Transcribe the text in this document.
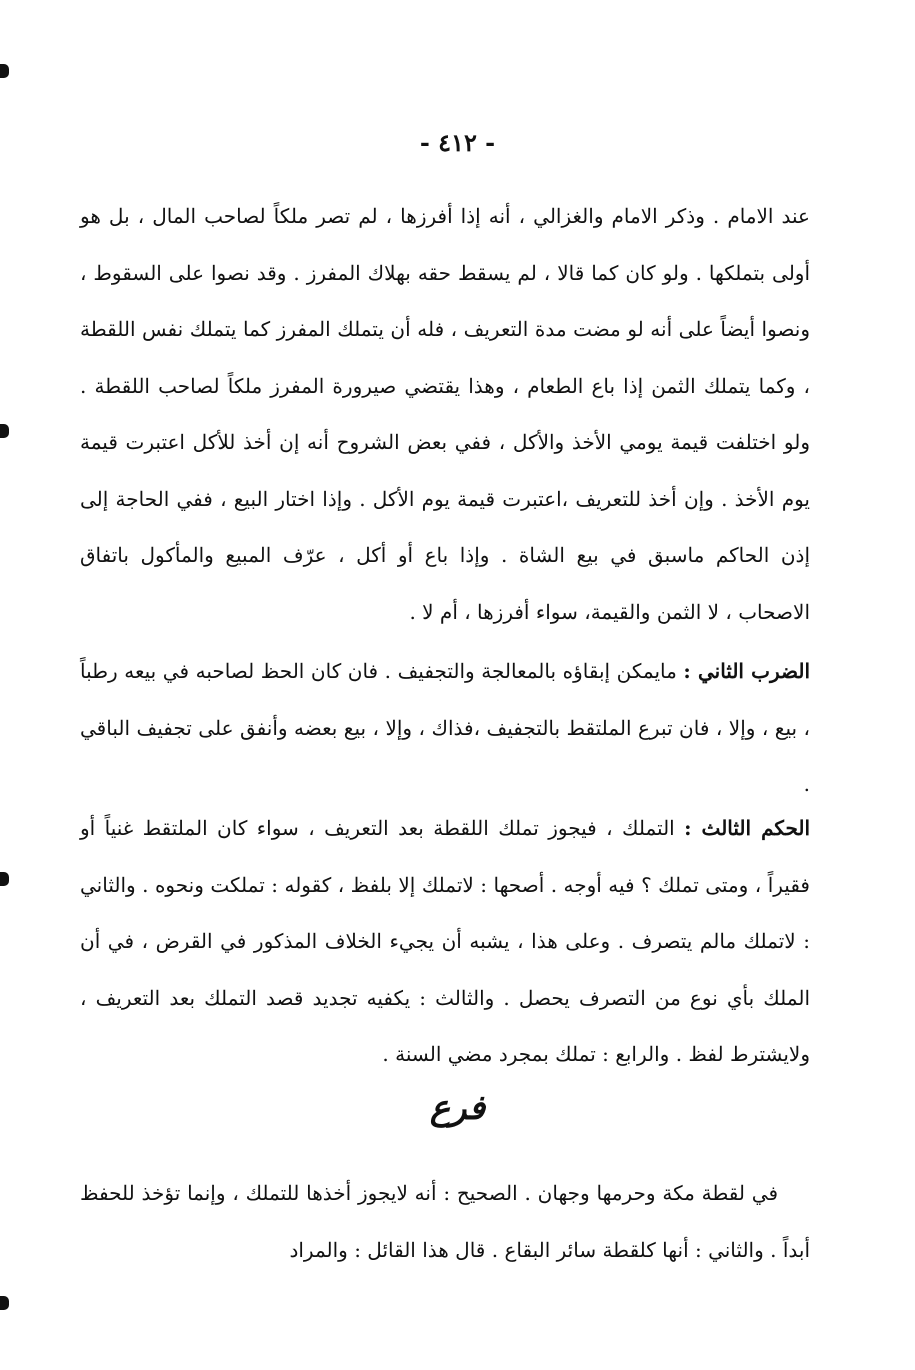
- ٤١٢ -
عند الامام . وذكر الامام والغزالي ، أنه إذا أفرزها ، لم تصر ملكاً لصاحب المال ، بل هو أولى بتملكها . ولو كان كما قالا ، لم يسقط حقه بهلاك المفرز . وقد نصوا على السقوط ، ونصوا أيضاً على أنه لو مضت مدة التعريف ، فله أن يتملك المفرز كما يتملك نفس اللقطة ، وكما يتملك الثمن إذا باع الطعام ، وهذا يقتضي صيرورة المفرز ملكاً لصاحب اللقطة . ولو اختلفت قيمة يومي الأخذ والأكل ، ففي بعض الشروح أنه إن أخذ للأكل اعتبرت قيمة يوم الأخذ . وإن أخذ للتعريف ،اعتبرت قيمة يوم الأكل . وإذا اختار البيع ، ففي الحاجة إلى إذن الحاكم ماسبق في بيع الشاة . وإذا باع أو أكل ، عرّف المبيع والمأكول باتفاق الاصحاب ، لا الثمن والقيمة، سواء أفرزها ، أم لا .
الضرب الثاني : مايمكن إبقاؤه بالمعالجة والتجفيف . فان كان الحظ لصاحبه في بيعه رطباً ، بيع ، وإلا ، فان تبرع الملتقط بالتجفيف ،فذاك ، وإلا ، بيع بعضه وأنفق على تجفيف الباقي .
الحكم الثالث : التملك ، فيجوز تملك اللقطة بعد التعريف ، سواء كان الملتقط غنياً أو فقيراً ، ومتى تملك ؟ فيه أوجه . أصحها : لاتملك إلا بلفظ ، كقوله : تملكت ونحوه . والثاني : لاتملك مالم يتصرف . وعلى هذا ، يشبه أن يجيء الخلاف المذكور في القرض ، في أن الملك بأي نوع من التصرف يحصل . والثالث : يكفيه تجديد قصد التملك بعد التعريف ، ولايشترط لفظ . والرابع : تملك بمجرد مضي السنة .
فرع
في لقطة مكة وحرمها وجهان . الصحيح : أنه لايجوز أخذها للتملك ، وإنما تؤخذ للحفظ أبداً . والثاني : أنها كلقطة سائر البقاع . قال هذا القائل : والمراد
